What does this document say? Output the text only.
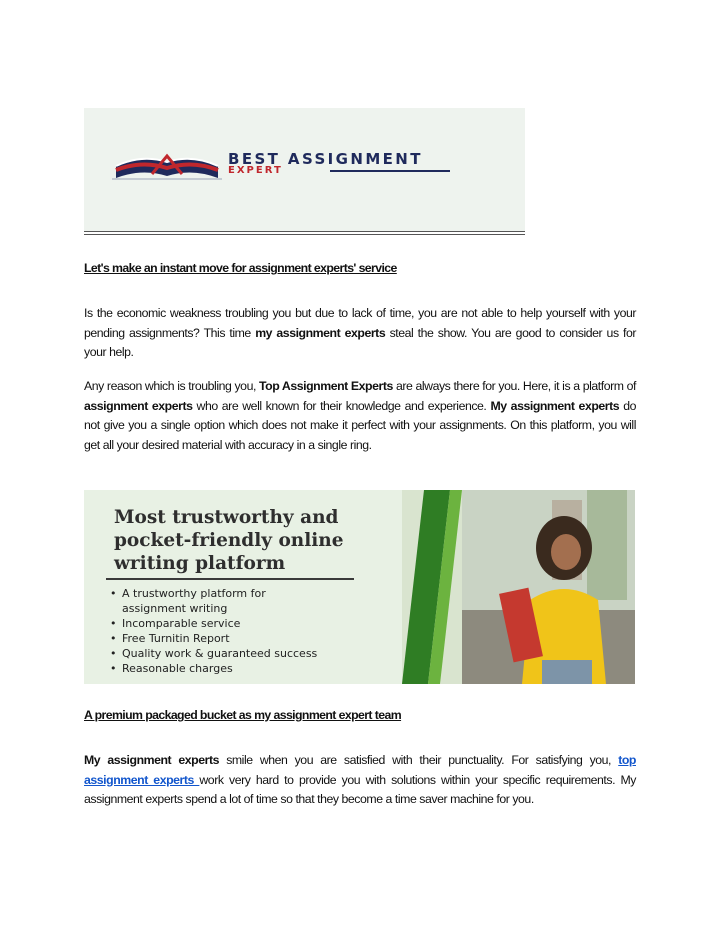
BEST ASSIGNMENT
EXPERT
Let's make an instant move for assignment experts' service
Is the economic weakness troubling you but due to lack of time, you are not able to help yourself with your pending assignments? This time my assignment experts steal the show. You are good to consider us for your help.
Any reason which is troubling you, Top Assignment Experts are always there for you. Here, it is a platform of assignment experts who are well known for their knowledge and experience. My assignment experts do not give you a single option which does not make it perfect with your assignments. On this platform, you will get all your desired material with accuracy in a single ring.
Most trustworthy and
pocket-friendly online
writing platform
• A trustworthy platform for assignment writing
• Incomparable service
• Free Turnitin Report
• Quality work & guaranteed success
• Reasonable charges
A premium packaged bucket as my assignment expert team
My assignment experts smile when you are satisfied with their punctuality. For satisfying you, top assignment experts work very hard to provide you with solutions within your specific requirements. My assignment experts spend a lot of time so that they become a time saver machine for you.
